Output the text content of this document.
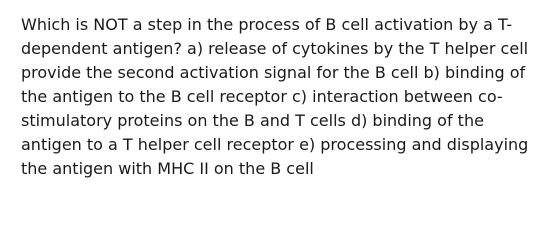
Which is NOT a step in the process of B cell activation by a T-
dependent antigen? a) release of cytokines by the T helper cell
provide the second activation signal for the B cell b) binding of
the antigen to the B cell receptor c) interaction between co-
stimulatory proteins on the B and T cells d) binding of the
antigen to a T helper cell receptor e) processing and displaying
the antigen with MHC II on the B cell
